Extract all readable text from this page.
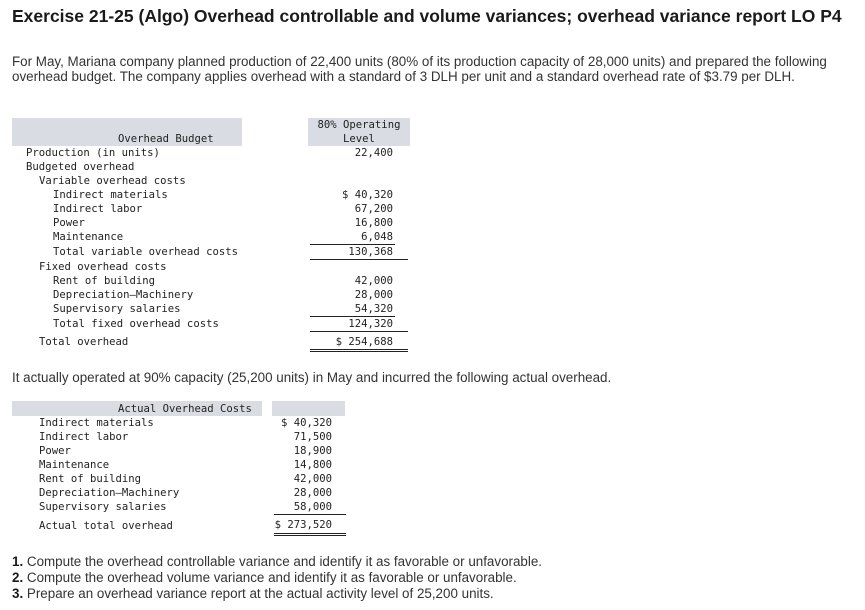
Exercise 21-25 (Algo) Overhead controllable and volume variances; overhead variance report LO P4
For May, Mariana company planned production of 22,400 units (80% of its production capacity of 28,000 units) and prepared the following overhead budget. The company applies overhead with a standard of 3 DLH per unit and a standard overhead rate of $3.79 per DLH.
Overhead Budget
80% Operating
Level
Production (in units)	22,400
Budgeted overhead
Variable overhead costs
Indirect materials	$ 40,320
Indirect labor	67,200
Power	16,800
Maintenance	6,048
Total variable overhead costs	130,368
Fixed overhead costs
Rent of building	42,000
Depreciation—Machinery	28,000
Supervisory salaries	54,320
Total fixed overhead costs	124,320
Total overhead	$ 254,688
It actually operated at 90% capacity (25,200 units) in May and incurred the following actual overhead.
Actual Overhead Costs
Indirect materials	$ 40,320
Indirect labor	71,500
Power	18,900
Maintenance	14,800
Rent of building	42,000
Depreciation—Machinery	28,000
Supervisory salaries	58,000
Actual total overhead	$ 273,520
1. Compute the overhead controllable variance and identify it as favorable or unfavorable.
2. Compute the overhead volume variance and identify it as favorable or unfavorable.
3. Prepare an overhead variance report at the actual activity level of 25,200 units.
